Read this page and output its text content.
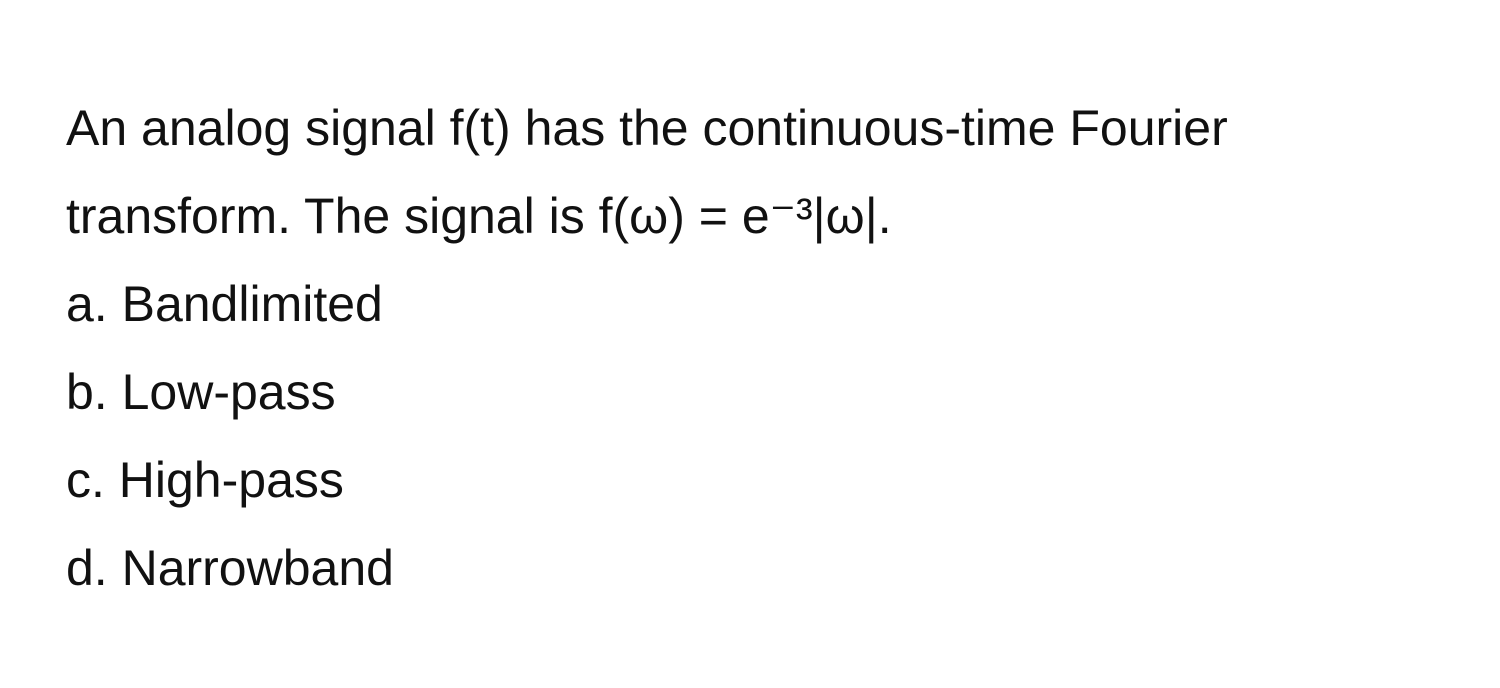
An analog signal f(t) has the continuous-time Fourier transform. The signal is f(ω) = e⁻³|ω|.

a. Bandlimited
b. Low-pass
c. High-pass
d. Narrowband
